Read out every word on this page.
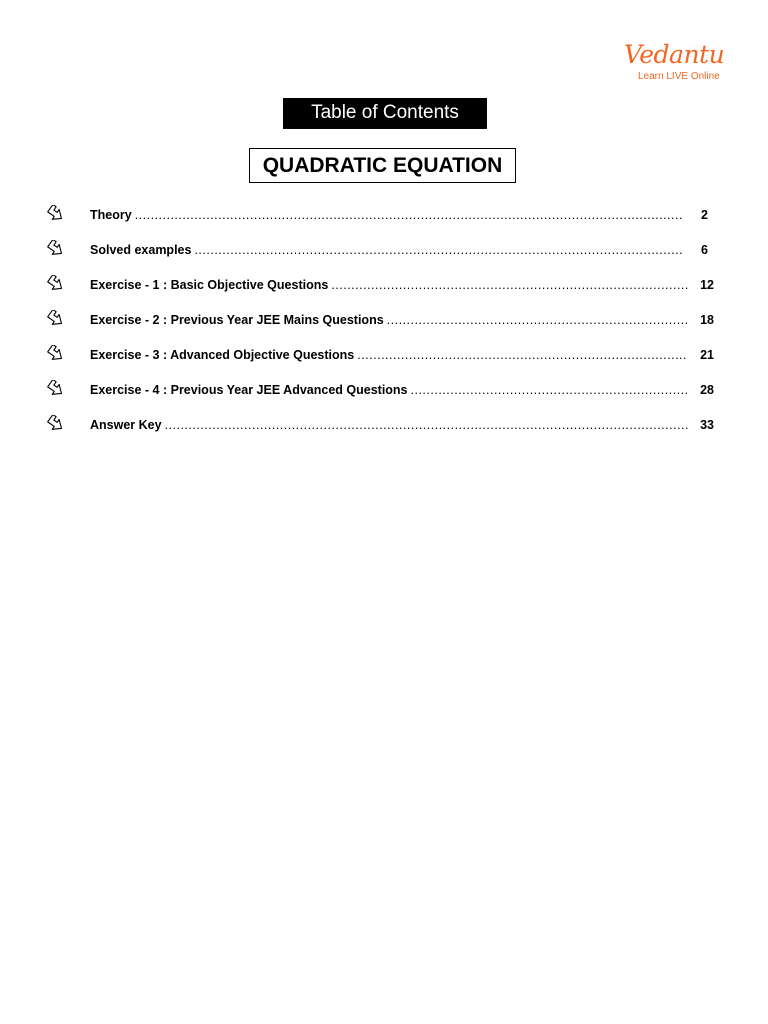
Vedantu
Learn LIVE Online
Table of Contents
QUADRATIC EQUATION
Theory .....	2
Solved examples .....	6
Exercise - 1 : Basic Objective Questions .....	12
Exercise - 2 : Previous Year JEE Mains Questions .....	18
Exercise - 3 : Advanced Objective Questions .....	21
Exercise - 4 : Previous Year JEE Advanced Questions .....	28
Answer Key .....	33
